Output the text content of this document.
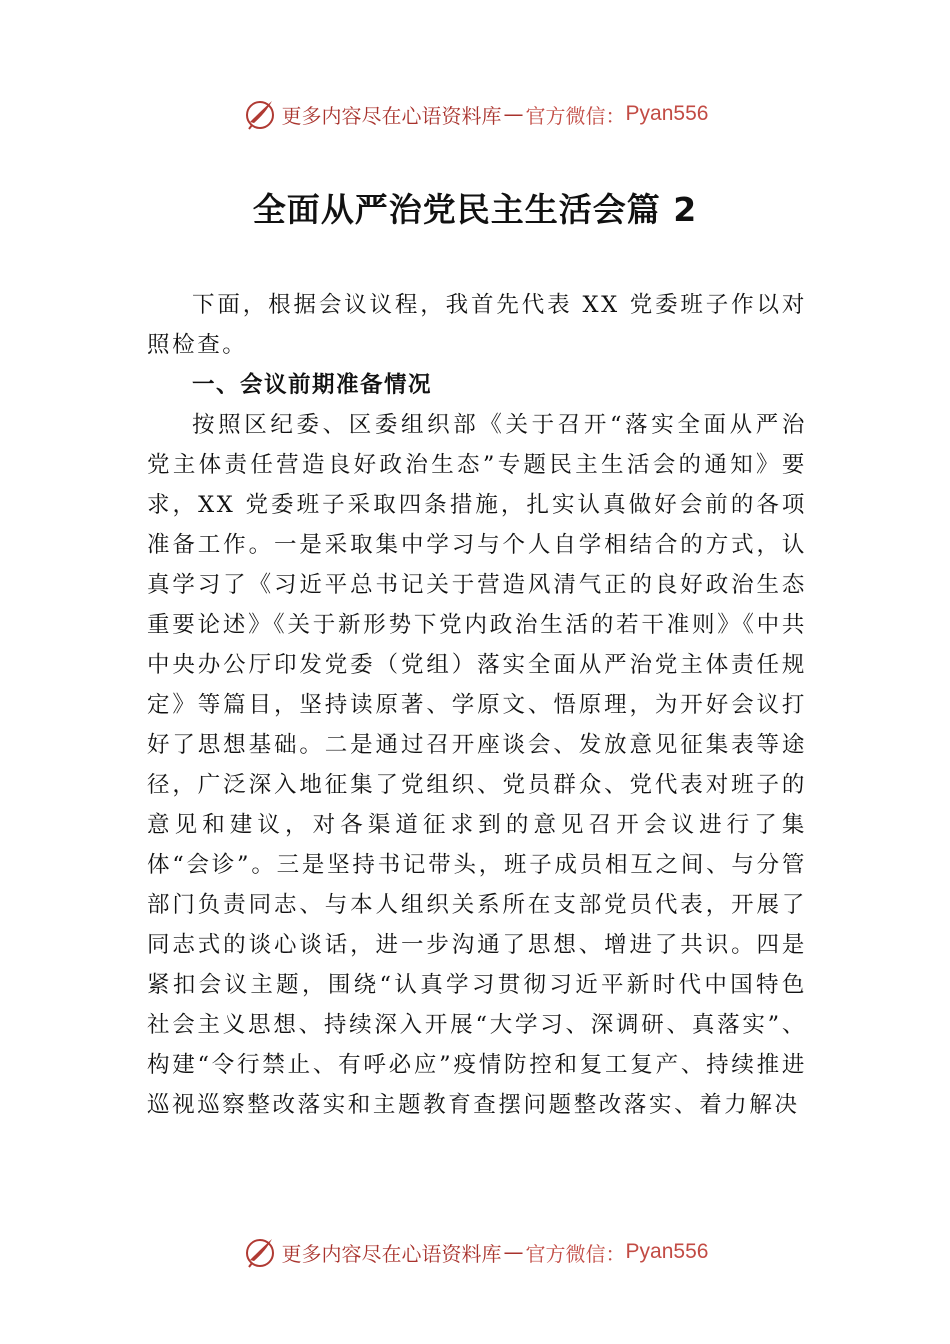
更多内容尽在心语资料库 — 官方微信： Pyan556
全面从严治党民主生活会篇 2

下面，根据会议议程，我首先代表 XX 党委班子作以对照检查。

一、会议前期准备情况

按照区纪委、区委组织部《关于召开“落实全面从严治党主体责任营造良好政治生态”专题民主生活会的通知》要求，XX 党委班子采取四条措施，扎实认真做好会前的各项准备工作。一是采取集中学习与个人自学相结合的方式，认真学习了《习近平总书记关于营造风清气正的良好政治生态重要论述》《关于新形势下党内政治生活的若干准则》《中共中央办公厅印发党委（党组）落实全面从严治党主体责任规定》等篇目，坚持读原著、学原文、悟原理，为开好会议打好了思想基础。二是通过召开座谈会、发放意见征集表等途径，广泛深入地征集了党组织、党员群众、党代表对班子的意见和建议，对各渠道征求到的意见召开会议进行了集体“会诊”。三是坚持书记带头，班子成员相互之间、与分管部门负责同志、与本人组织关系所在支部党员代表，开展了同志式的谈心谈话，进一步沟通了思想、增进了共识。四是紧扣会议主题，围绕“认真学习贯彻习近平新时代中国特色社会主义思想、持续深入开展“大学习、深调研、真落实”、构建“令行禁止、有呼必应”疫情防控和复工复产、持续推进 巡视巡察整改落实和主题教育查摆问题整改落实、着力解决

更多内容尽在心语资料库 — 官方微信： Pyan556
